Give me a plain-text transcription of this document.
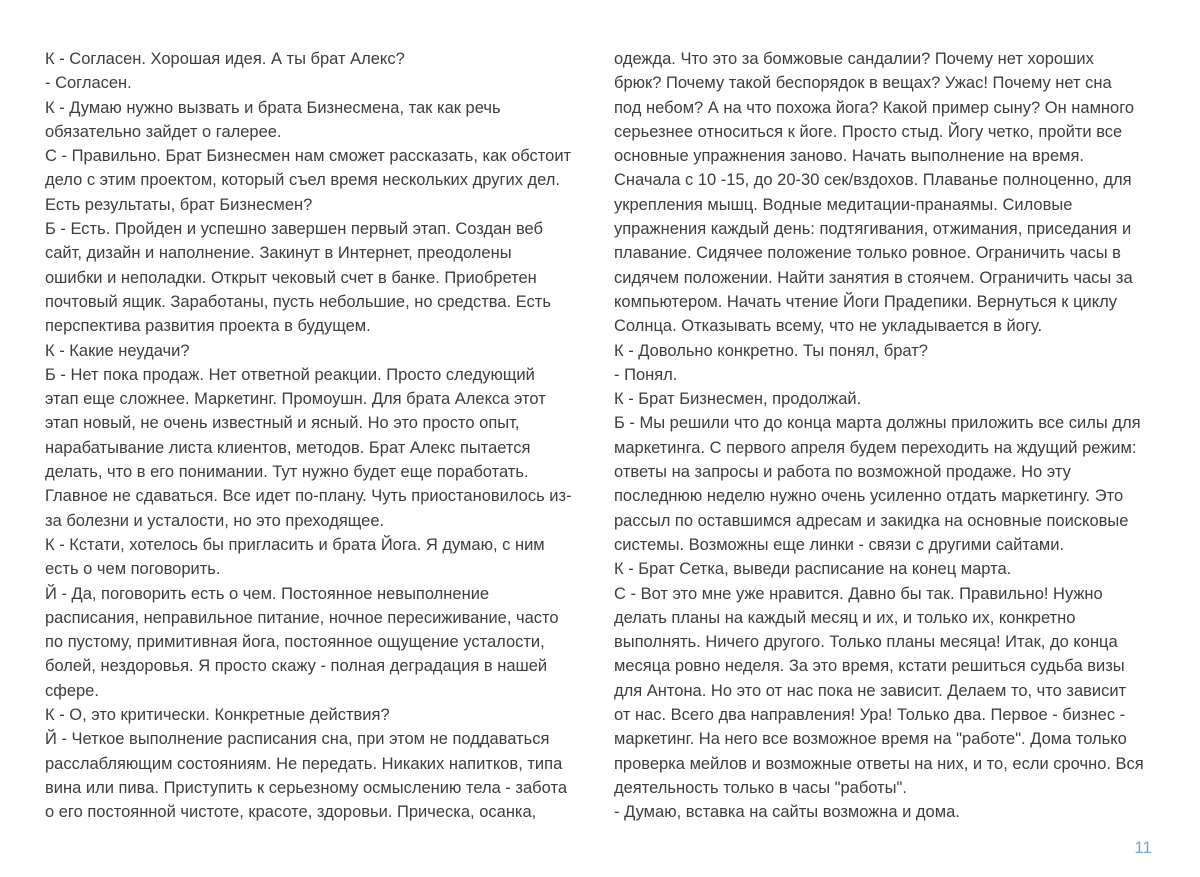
К - Согласен. Хорошая идея. А ты брат Алекс?
- Согласен.
К - Думаю нужно вызвать и брата Бизнесмена, так как речь
обязательно зайдет о галерее.
С - Правильно. Брат Бизнесмен нам сможет рассказать, как обстоит
дело с этим проектом, который съел время нескольких других дел.
Есть результаты, брат Бизнесмен?
Б - Есть. Пройден и успешно завершен первый этап. Создан веб
сайт, дизайн и наполнение. Закинут в Интернет, преодолены
ошибки и неполадки. Открыт чековый счет в банке. Приобретен
почтовый ящик. Заработаны, пусть небольшие, но средства. Есть
перспектива развития проекта в будущем.
К - Какие неудачи?
Б - Нет пока продаж. Нет ответной реакции. Просто следующий
этап еще сложнее. Маркетинг. Промоушн. Для брата Алекса этот
этап новый, не очень известный и ясный. Но это просто опыт,
нарабатывание листа клиентов, методов. Брат Алекс пытается
делать, что в его понимании. Тут нужно будет еще поработать.
Главное не сдаваться. Все идет по-плану. Чуть приостановилось из-
за болезни и усталости, но это преходящее.
К - Кстати, хотелось бы пригласить и брата Йога. Я думаю, с ним
есть о чем поговорить.
Й - Да, поговорить есть о чем. Постоянное невыполнение
расписания, неправильное питание, ночное пересиживание, часто
по пустому, примитивная йога, постоянное ощущение усталости,
болей, нездоровья. Я просто скажу - полная деградация в нашей
сфере.
К - О, это критически. Конкретные действия?
Й - Четкое выполнение расписания сна, при этом не поддаваться
расслабляющим состояниям. Не передать. Никаких напитков, типа
вина или пива. Приступить к серьезному осмыслению тела - забота
о его постоянной чистоте, красоте, здоровьи. Прическа, осанка,
одежда. Что это за бомжовые сандалии? Почему нет хороших
брюк? Почему такой беспорядок в вещах? Ужас! Почему нет сна
под небом? А на что похожа йога? Какой пример сыну? Он намного
серьезнее относиться к йоге. Просто стыд. Йогу четко, пройти все
основные упражнения заново. Начать выполнение на время.
Сначала с 10 -15, до 20-30 сек/вздохов. Плаванье полноценно, для
укрепления мышц. Водные медитации-пранаямы. Силовые
упражнения каждый день: подтягивания, отжимания, приседания и
плавание. Сидячее положение только ровное. Ограничить часы в
сидячем положении. Найти занятия в стоячем. Ограничить часы за
компьютером. Начать чтение Йоги Прадепики. Вернуться к циклу
Солнца. Отказывать всему, что не укладывается в йогу.
К - Довольно конкретно. Ты понял, брат?
- Понял.
К - Брат Бизнесмен, продолжай.
Б - Мы решили что до конца марта должны приложить все силы для
маркетинга. С первого апреля будем переходить на ждущий режим:
ответы на запросы и работа по возможной продаже. Но эту
последнюю неделю нужно очень усиленно отдать маркетингу. Это
рассыл по оставшимся адресам и закидка на основные поисковые
системы. Возможны еще линки - связи с другими сайтами.
К - Брат Сетка, выведи расписание на конец марта.
С - Вот это мне уже нравится. Давно бы так. Правильно! Нужно
делать планы на каждый месяц и их, и только их, конкретно
выполнять. Ничего другого. Только планы месяца! Итак, до конца
месяца ровно неделя. За это время, кстати решиться судьба визы
для Антона. Но это от нас пока не зависит. Делаем то, что зависит
от нас. Всего два направления! Ура! Только два. Первое - бизнес -
маркетинг. На него все возможное время на "работе". Дома только
проверка мейлов и возможные ответы на них, и то, если срочно. Вся
деятельность только в часы "работы".
- Думаю, вставка на сайты возможна и дома.
11
